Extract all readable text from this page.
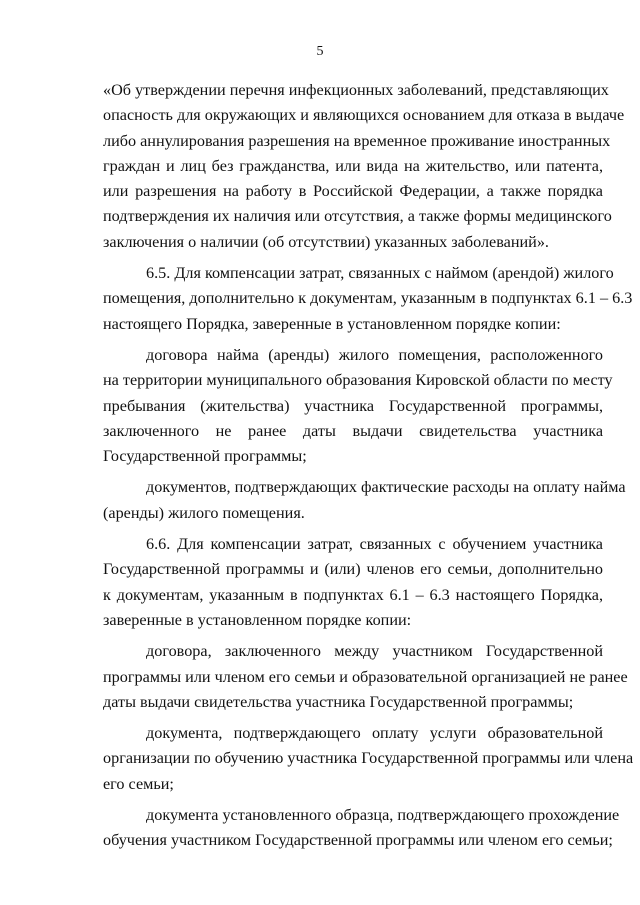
5
«Об утверждении перечня инфекционных заболеваний, представляющих
опасность для окружающих и являющихся основанием для отказа в выдаче
либо аннулирования разрешения на временное проживание иностранных
граждан и лиц без гражданства, или вида на жительство, или патента,
или разрешения на работу в Российской Федерации, а также порядка
подтверждения их наличия или отсутствия, а также формы медицинского
заключения о наличии (об отсутствии) указанных заболеваний».
6.5. Для компенсации затрат, связанных с наймом (арендой) жилого
помещения, дополнительно к документам, указанным в подпунктах 6.1 – 6.3
настоящего Порядка, заверенные в установленном порядке копии:
договора найма (аренды) жилого помещения, расположенного
на территории муниципального образования Кировской области по месту
пребывания (жительства) участника Государственной программы,
заключенного не ранее даты выдачи свидетельства участника
Государственной программы;
документов, подтверждающих фактические расходы на оплату найма
(аренды) жилого помещения.
6.6. Для компенсации затрат, связанных с обучением участника
Государственной программы и (или) членов его семьи, дополнительно
к документам, указанным в подпунктах 6.1 – 6.3 настоящего Порядка,
заверенные в установленном порядке копии:
договора, заключенного между участником Государственной
программы или членом его семьи и образовательной организацией не ранее
даты выдачи свидетельства участника Государственной программы;
документа, подтверждающего оплату услуги образовательной
организации по обучению участника Государственной программы или члена
его семьи;
документа установленного образца, подтверждающего прохождение
обучения участником Государственной программы или членом его семьи;
